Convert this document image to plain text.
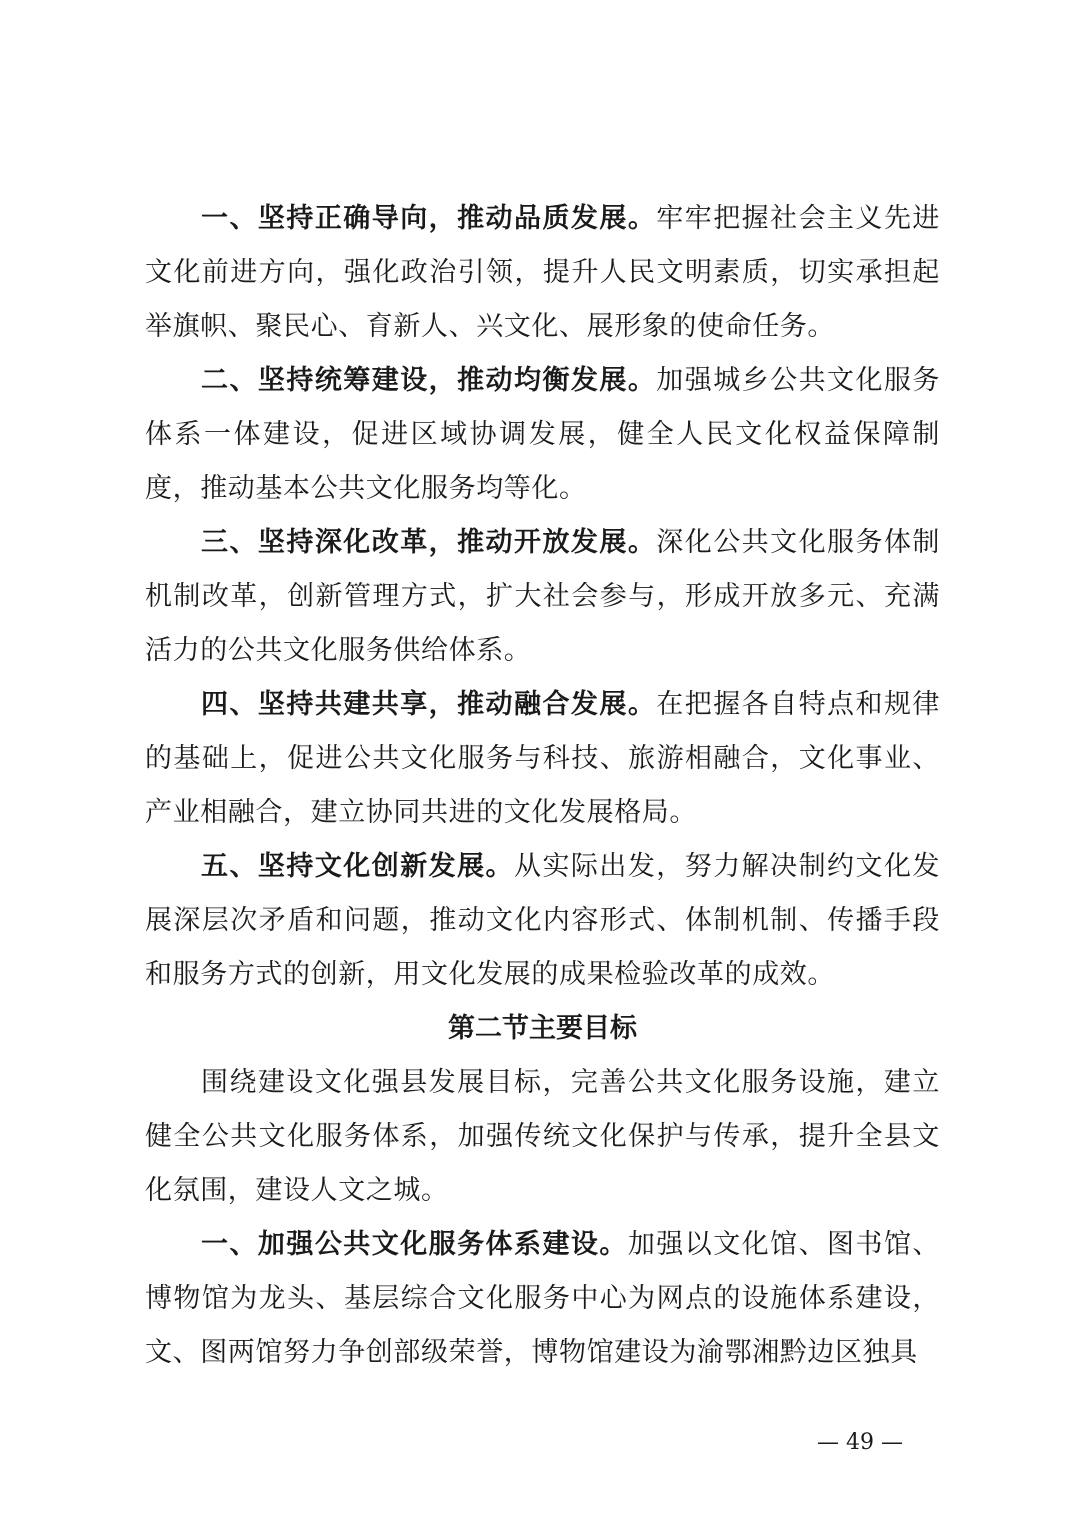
一、坚持正确导向，推动品质发展。牢牢把握社会主义先进文化前进方向，强化政治引领，提升人民文明素质，切实承担起举旗帜、聚民心、育新人、兴文化、展形象的使命任务。

二、坚持统筹建设，推动均衡发展。加强城乡公共文化服务体系一体建设，促进区域协调发展，健全人民文化权益保障制度，推动基本公共文化服务均等化。

三、坚持深化改革，推动开放发展。深化公共文化服务体制机制改革，创新管理方式，扩大社会参与，形成开放多元、充满活力的公共文化服务供给体系。

四、坚持共建共享，推动融合发展。在把握各自特点和规律的基础上，促进公共文化服务与科技、旅游相融合，文化事业、产业相融合，建立协同共进的文化发展格局。

五、坚持文化创新发展。从实际出发，努力解决制约文化发展深层次矛盾和问题，推动文化内容形式、体制机制、传播手段和服务方式的创新，用文化发展的成果检验改革的成效。

第二节主要目标

围绕建设文化强县发展目标，完善公共文化服务设施，建立健全公共文化服务体系，加强传统文化保护与传承，提升全县文化氛围，建设人文之城。

一、加强公共文化服务体系建设。加强以文化馆、图书馆、博物馆为龙头、基层综合文化服务中心为网点的设施体系建设，文、图两馆努力争创部级荣誉，博物馆建设为渝鄂湘黔边区独具

— 49 —
